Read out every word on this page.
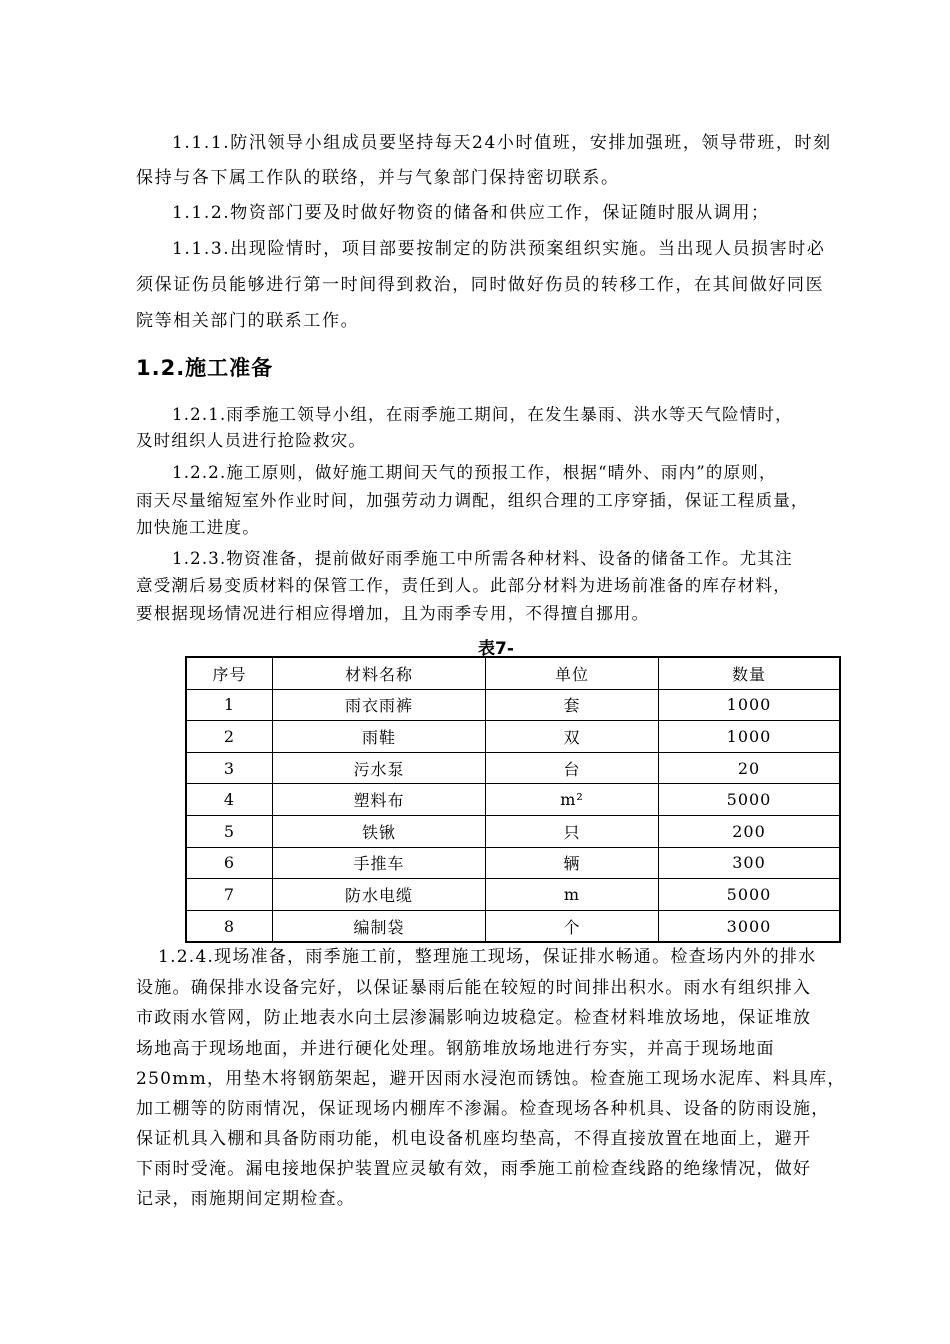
1.1.1.防汛领导小组成员要坚持每天24小时值班，安排加强班，领导带班，时刻
保持与各下属工作队的联络，并与气象部门保持密切联系。
1.1.2.物资部门要及时做好物资的储备和供应工作，保证随时服从调用；
1.1.3.出现险情时，项目部要按制定的防洪预案组织实施。当出现人员损害时必
须保证伤员能够进行第一时间得到救治，同时做好伤员的转移工作，在其间做好同医
院等相关部门的联系工作。
1.2.施工准备
1.2.1.雨季施工领导小组，在雨季施工期间，在发生暴雨、洪水等天气险情时，
及时组织人员进行抢险救灾。
1.2.2.施工原则，做好施工期间天气的预报工作，根据“晴外、雨内”的原则，
雨天尽量缩短室外作业时间，加强劳动力调配，组织合理的工序穿插，保证工程质量，
加快施工进度。
1.2.3.物资准备，提前做好雨季施工中所需各种材料、设备的储备工作。尤其注
意受潮后易变质材料的保管工作，责任到人。此部分材料为进场前准备的库存材料，
要根据现场情况进行相应得增加，且为雨季专用，不得擅自挪用。
表7-
序号	材料名称	单位	数量
1	雨衣雨裤	套	1000
2	雨鞋	双	1000
3	污水泵	台	20
4	塑料布	m²	5000
5	铁锹	只	200
6	手推车	辆	300
7	防水电缆	m	5000
8	编制袋	个	3000
1.2.4.现场准备，雨季施工前，整理施工现场，保证排水畅通。检查场内外的排水
设施。确保排水设备完好，以保证暴雨后能在较短的时间排出积水。雨水有组织排入
市政雨水管网，防止地表水向土层渗漏影响边坡稳定。检查材料堆放场地，保证堆放
场地高于现场地面，并进行硬化处理。钢筋堆放场地进行夯实，并高于现场地面
250mm，用垫木将钢筋架起，避开因雨水浸泡而锈蚀。检查施工现场水泥库、料具库，
加工棚等的防雨情况，保证现场内棚库不渗漏。检查现场各种机具、设备的防雨设施，
保证机具入棚和具备防雨功能，机电设备机座均垫高，不得直接放置在地面上，避开
下雨时受淹。漏电接地保护装置应灵敏有效，雨季施工前检查线路的绝缘情况，做好
记录，雨施期间定期检查。
